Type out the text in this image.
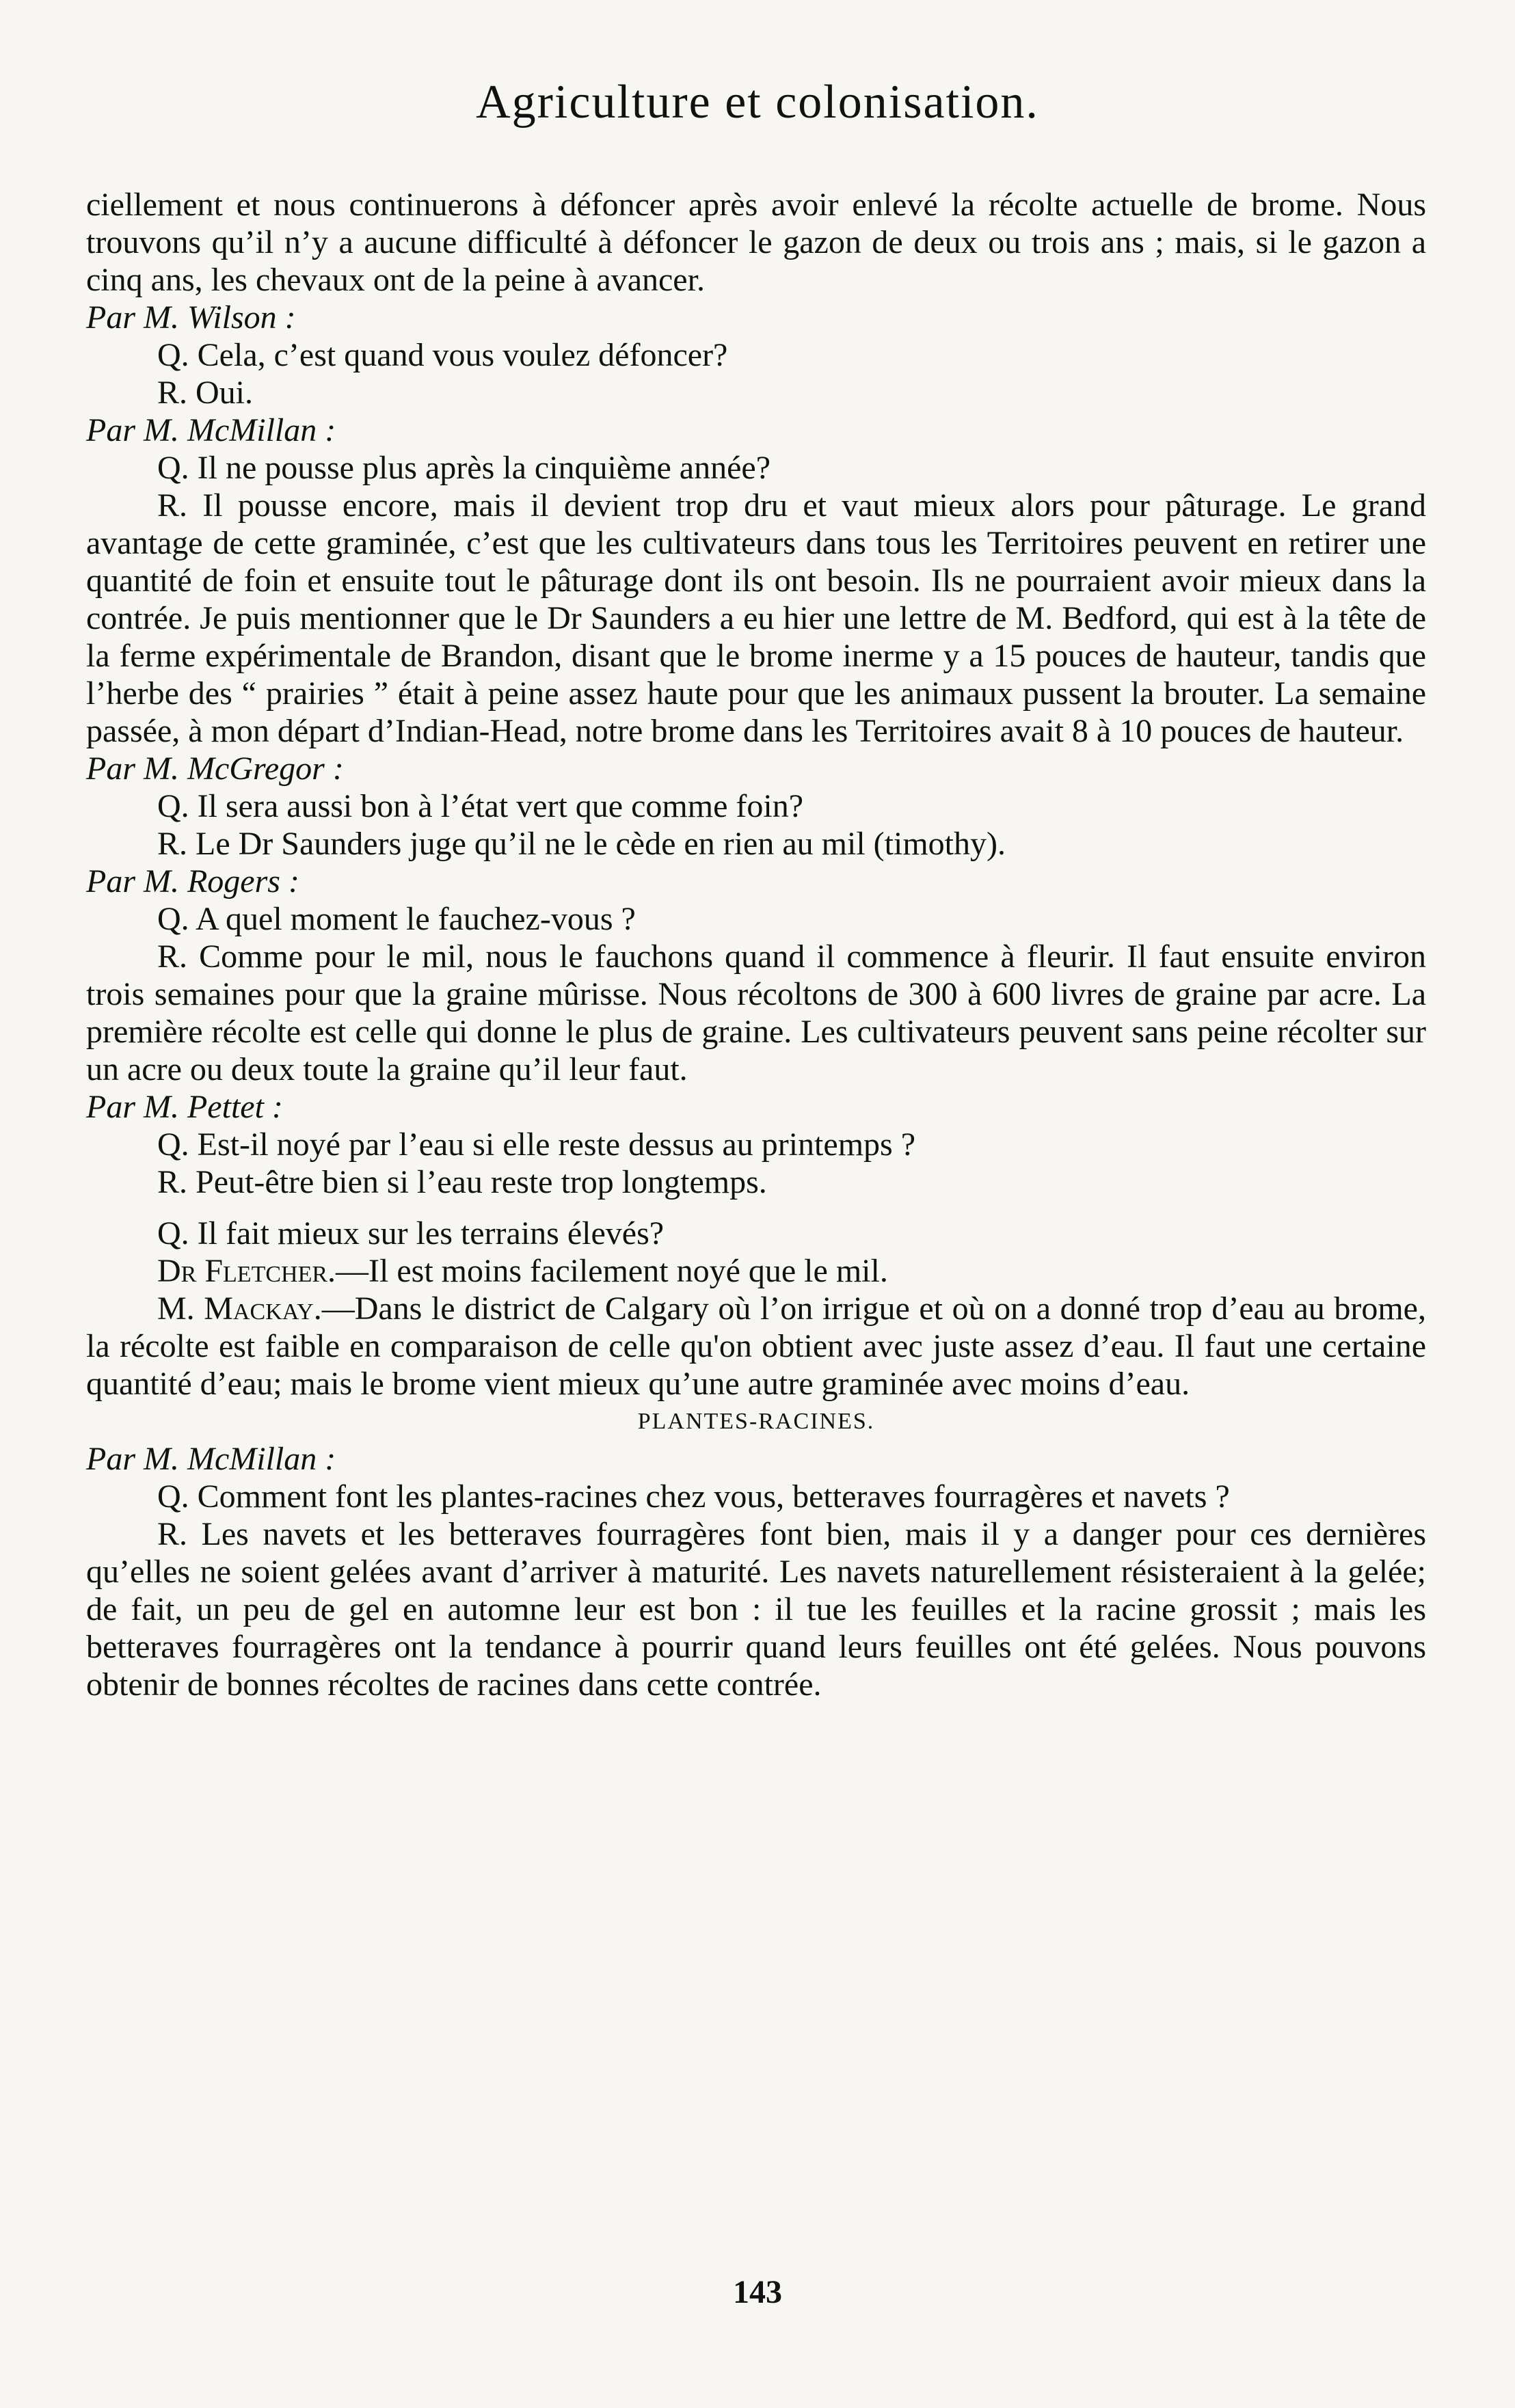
Agriculture et colonisation.

ciellement et nous continuerons à défoncer après avoir enlevé la récolte actuelle de brome. Nous trouvons qu’il n’y a aucune difficulté à défoncer le gazon de deux ou trois ans ; mais, si le gazon a cinq ans, les chevaux ont de la peine à avancer.

Par M. Wilson :

Q. Cela, c’est quand vous voulez défoncer?

R. Oui.

Par M. McMillan :

Q. Il ne pousse plus après la cinquième année?

R. Il pousse encore, mais il devient trop dru et vaut mieux alors pour pâturage. Le grand avantage de cette graminée, c’est que les cultivateurs dans tous les Territoires peuvent en retirer une quantité de foin et ensuite tout le pâturage dont ils ont besoin. Ils ne pourraient avoir mieux dans la contrée. Je puis mentionner que le Dr Saunders a eu hier une lettre de M. Bedford, qui est à la tête de la ferme expérimentale de Brandon, disant que le brome inerme y a 15 pouces de hauteur, tandis que l’herbe des “ prairies ” était à peine assez haute pour que les animaux pussent la brouter. La semaine passée, à mon départ d’Indian-Head, notre brome dans les Territoires avait 8 à 10 pouces de hauteur.

Par M. McGregor :

Q. Il sera aussi bon à l’état vert que comme foin?

R. Le Dr Saunders juge qu’il ne le cède en rien au mil (timothy).

Par M. Rogers :

Q. A quel moment le fauchez-vous ?

R. Comme pour le mil, nous le fauchons quand il commence à fleurir. Il faut ensuite environ trois semaines pour que la graine mûrisse. Nous récoltons de 300 à 600 livres de graine par acre. La première récolte est celle qui donne le plus de graine. Les cultivateurs peuvent sans peine récolter sur un acre ou deux toute la graine qu’il leur faut.

Par M. Pettet :

Q. Est-il noyé par l’eau si elle reste dessus au printemps ?

R. Peut-être bien si l’eau reste trop longtemps.

Q. Il fait mieux sur les terrains élevés?

Dr Fletcher.—Il est moins facilement noyé que le mil.

M. Mackay.—Dans le district de Calgary où l’on irrigue et où on a donné trop d’eau au brome, la récolte est faible en comparaison de celle qu'on obtient avec juste assez d’eau. Il faut une certaine quantité d’eau; mais le brome vient mieux qu’une autre graminée avec moins d’eau.

PLANTES-RACINES.

Par M. McMillan :

Q. Comment font les plantes-racines chez vous, betteraves fourragères et navets ?

R. Les navets et les betteraves fourragères font bien, mais il y a danger pour ces dernières qu’elles ne soient gelées avant d’arriver à maturité. Les navets naturellement résisteraient à la gelée; de fait, un peu de gel en automne leur est bon : il tue les feuilles et la racine grossit ; mais les betteraves fourragères ont la tendance à pourrir quand leurs feuilles ont été gelées. Nous pouvons obtenir de bonnes récoltes de racines dans cette contrée.

143
